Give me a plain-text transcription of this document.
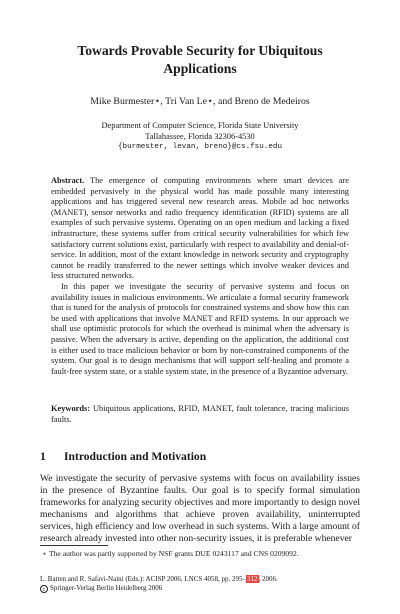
Towards Provable Security for Ubiquitous Applications
Mike Burmester⋆, Tri Van Le⋆, and Breno de Medeiros
Department of Computer Science, Florida State University
Tallahassee, Florida 32306-4530
{burmester, levan, breno}@cs.fsu.edu

Abstract. The emergence of computing environments where smart devices are embedded pervasively in the physical world has made possible many interesting applications and has triggered several new research areas. Mobile ad hoc networks (MANET), sensor networks and radio frequency identification (RFID) systems are all examples of such pervasive systems. Operating on an open medium and lacking a fixed infrastructure, these systems suffer from critical security vulnerabilities for which few satisfactory current solutions exist, particularly with respect to availability and denial-of-service. In addition, most of the extant knowledge in network security and cryptography cannot be readily transferred to the newer settings which involve weaker devices and less structured networks.

In this paper we investigate the security of pervasive systems and focus on availability issues in malicious environments. We articulate a formal security framework that is tuned for the analysis of protocols for constrained systems and show how this can be used with applications that involve MANET and RFID systems. In our approach we shall use optimistic protocols for which the overhead is minimal when the adversary is passive. When the adversary is active, depending on the application, the additional cost is either used to trace malicious behavior or born by non-constrained components of the system. Our goal is to design mechanisms that will support self-healing and promote a fault-free system state, or a stable system state, in the presence of a Byzantine adversary.

Keywords: Ubiquitous applications, RFID, MANET, fault tolerance, tracing malicious faults.
1 Introduction and Motivation

We investigate the security of pervasive systems with focus on availability issues in the presence of Byzantine faults. Our goal is to specify formal simulation frameworks for analyzing security objectives and more importantly to design novel mechanisms and algorithms that achieve proven availability, uninterrupted services, high efficiency and low overhead in such systems. With a large amount of research already invested into other non-security issues, it is preferable whenever

⋆ The author was partly supported by NSF grants DUE 0243117 and CNS 0209092.
L. Batten and R. Safavi-Naini (Eds.): ACISP 2006, LNCS 4058, pp. 295–312, 2006.
c Springer-Verlag Berlin Heidelberg 2006
